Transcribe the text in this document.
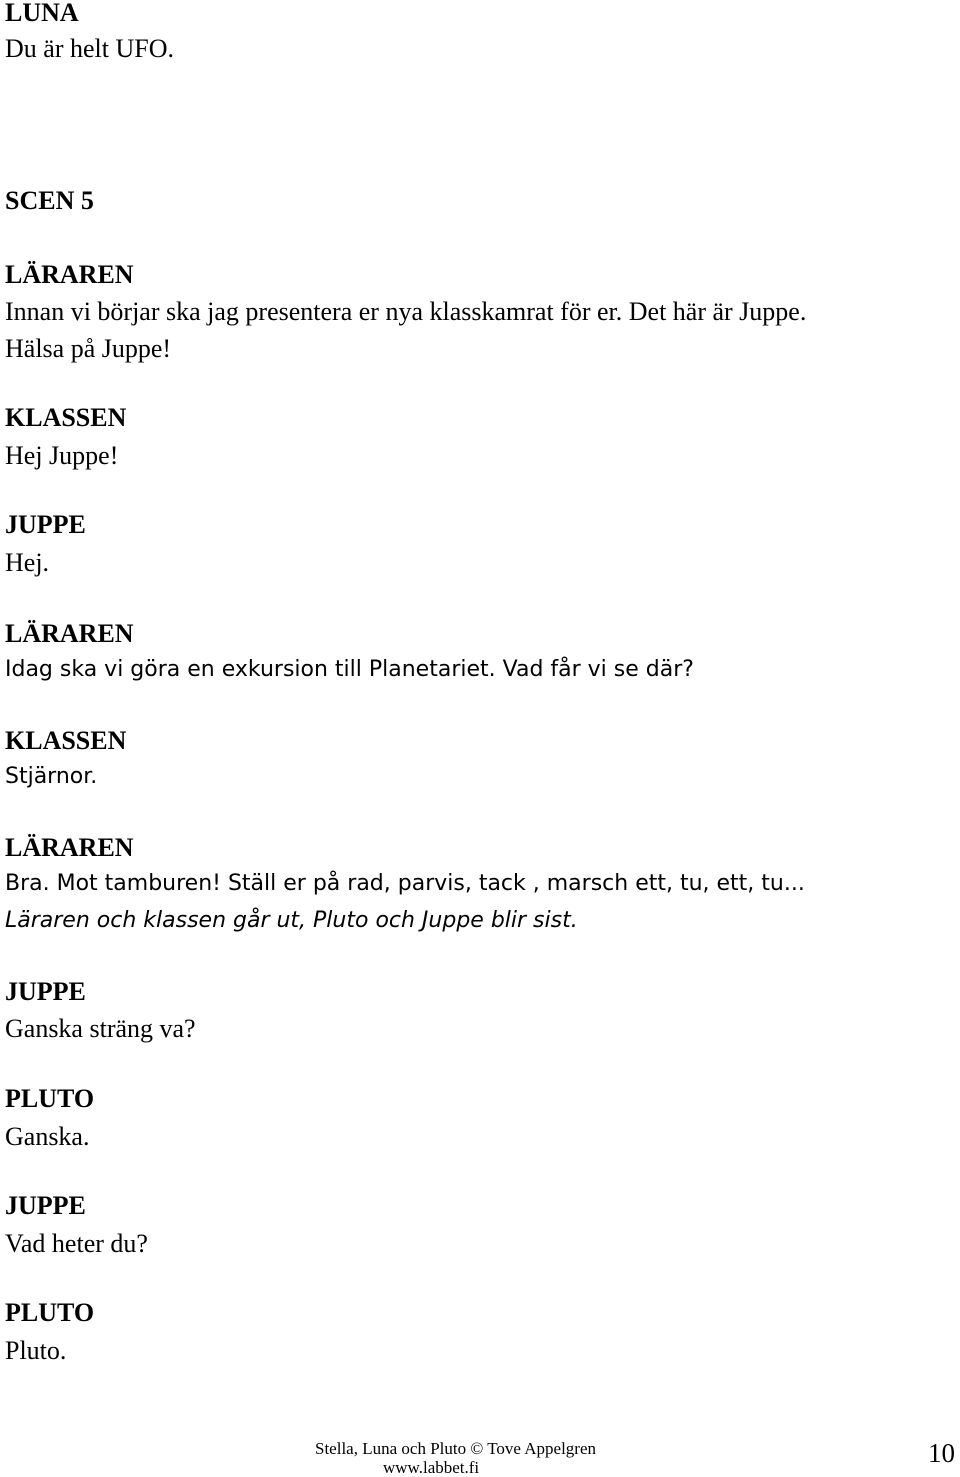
LUNA
Du är helt UFO.
SCEN 5
LÄRAREN
Innan vi börjar ska jag presentera er nya klasskamrat för er. Det här är Juppe.
Hälsa på Juppe!
KLASSEN
Hej Juppe!
JUPPE
Hej.
LÄRAREN
Idag ska vi göra en exkursion till Planetariet. Vad får vi se där?
KLASSEN
Stjärnor.
LÄRAREN
Bra. Mot tamburen! Ställ er på rad, parvis, tack , marsch ett, tu, ett, tu...
Läraren och klassen går ut, Pluto och Juppe blir sist.
JUPPE
Ganska sträng va?
PLUTO
Ganska.
JUPPE
Vad heter du?
PLUTO
Pluto.
Stella, Luna och Pluto © Tove Appelgren
www.labbet.fi	10
